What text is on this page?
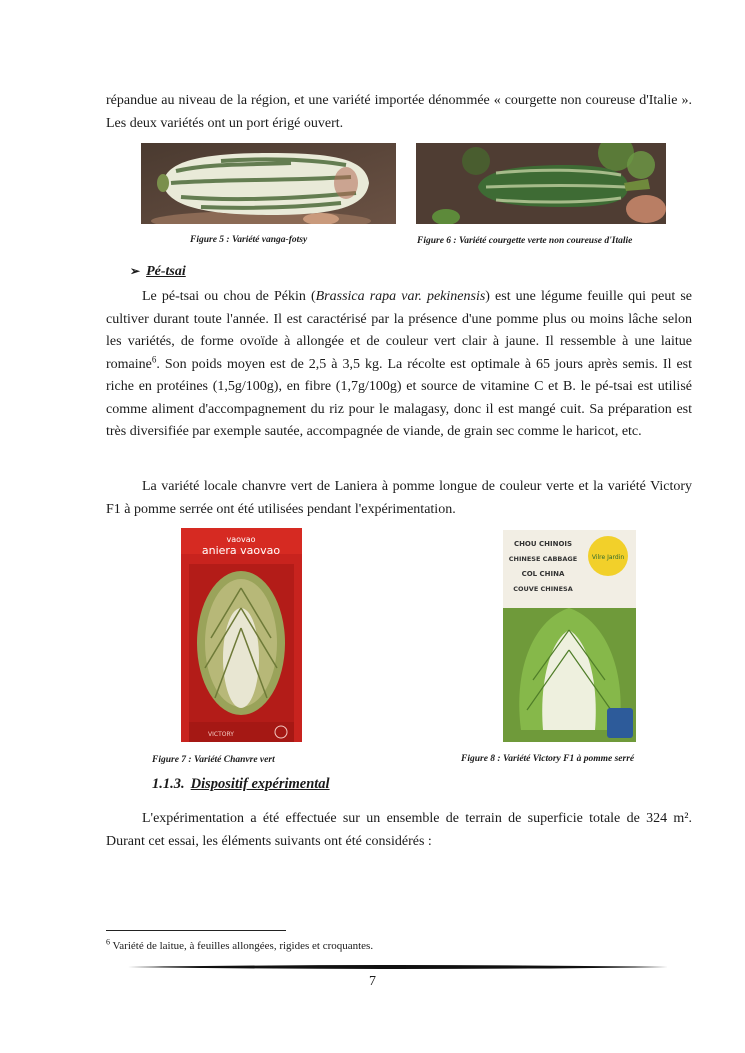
répandue au niveau de la région, et une variété importée dénommée « courgette non coureuse d'Italie ». Les deux variétés ont un port érigé ouvert.

Figure 5 : Variété vanga-fotsy	Figure 6 : Variété courgette verte non coureuse d'Italie
➢ Pé-tsai

Le pé-tsai ou chou de Pékin (Brassica rapa var. pekinensis) est une légume feuille qui peut se cultiver durant toute l'année. Il est caractérisé par la présence d'une pomme plus ou moins lâche selon les variétés, de forme ovoïde à allongée et de couleur vert clair à jaune. Il ressemble à une laitue romaine$^6$. Son poids moyen est de 2,5 à 3,5 kg. La récolte est optimale à 65 jours après semis. Il est riche en protéines (1,5g/100g), en fibre (1,7g/100g) et source de vitamine C et B. le pé-tsai est utilisé comme aliment d'accompagnement du riz pour le malagasy, donc il est mangé cuit. Sa préparation est très diversifiée par exemple sautée, accompagnée de viande, de grain sec comme le haricot, etc.

La variété locale chanvre vert de Laniera à pomme longue de couleur verte et la variété Victory F1 à pomme serrée ont été utilisées pendant l'expérimentation.

vaovao
aniera vaovao
VICTORY
Figure 7 : Variété Chanvre vert
CHOU CHINOIS
CHINESE CABBAGE
COL CHINA
COUVE CHINESA
Vilre Jardin
Figure 8 : Variété Victory F1 à pomme serré
1.1.3. Dispositif expérimental

L'expérimentation a été effectuée sur un ensemble de terrain de superficie totale de 324 m². Durant cet essai, les éléments suivants ont été considérés :

$^6$ Variété de laitue, à feuilles allongées, rigides et croquantes.
7
